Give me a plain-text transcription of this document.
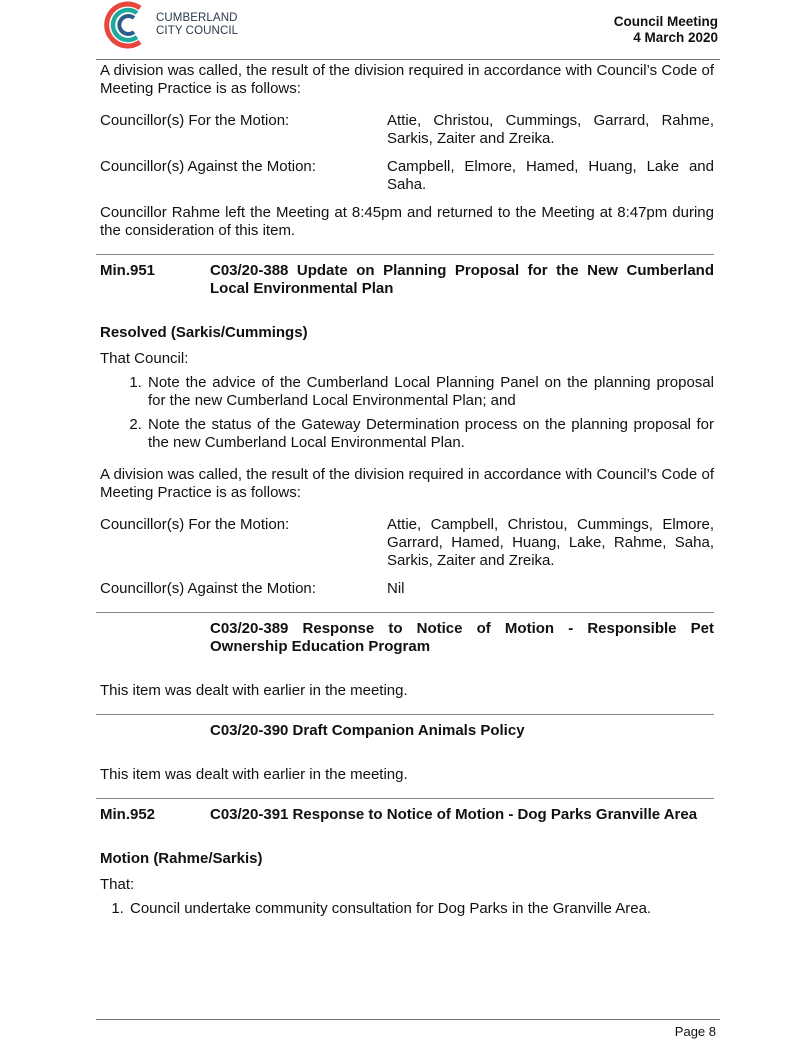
CUMBERLAND
CITY COUNCIL
Council Meeting
4 March 2020

A division was called, the result of the division required in accordance with Council’s Code of Meeting Practice is as follows:

Councillor(s) For the Motion:	Attie, Christou, Cummings, Garrard, Rahme, Sarkis, Zaiter and Zreika.
Councillor(s) Against the Motion:	Campbell, Elmore, Hamed, Huang, Lake and Saha.

Councillor Rahme left the Meeting at 8:45pm and returned to the Meeting at 8:47pm during the consideration of this item.

Min.951	C03/20-388 Update on Planning Proposal for the New Cumberland Local Environmental Plan
Resolved (Sarkis/Cummings)

That Council:

1. Note the advice of the Cumberland Local Planning Panel on the planning proposal for the new Cumberland Local Environmental Plan; and
2. Note the status of the Gateway Determination process on the planning proposal for the new Cumberland Local Environmental Plan.

A division was called, the result of the division required in accordance with Council’s Code of Meeting Practice is as follows:

Councillor(s) For the Motion:	Attie, Campbell, Christou, Cummings, Elmore, Garrard, Hamed, Huang, Lake, Rahme, Saha, Sarkis, Zaiter and Zreika.
Councillor(s) Against the Motion:	Nil
C03/20-389 Response to Notice of Motion - Responsible Pet Ownership Education Program

This item was dealt with earlier in the meeting.

C03/20-390 Draft Companion Animals Policy

This item was dealt with earlier in the meeting.

Min.952	C03/20-391 Response to Notice of Motion - Dog Parks Granville Area
Motion (Rahme/Sarkis)

That:

1. Council undertake community consultation for Dog Parks in the Granville Area.
Page 8
